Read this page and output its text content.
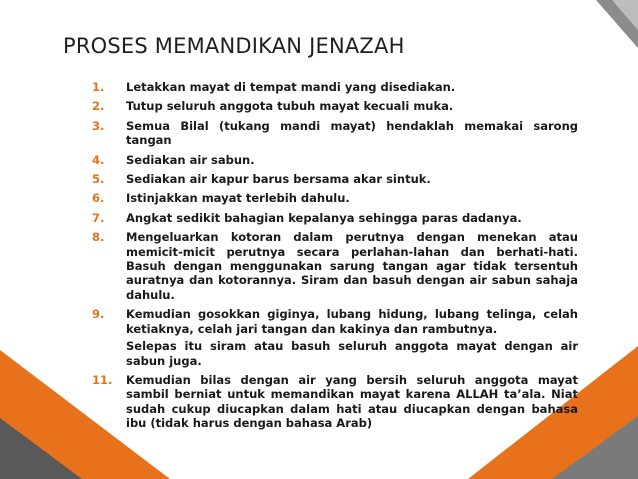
PROSES MEMANDIKAN JENAZAH
1.	Letakkan mayat di tempat mandi yang disediakan.
2.	Tutup seluruh anggota tubuh mayat kecuali muka.
3.	Semua Bilal (tukang mandi mayat) hendaklah memakai sarong tangan
4.	Sediakan air sabun.
5.	Sediakan air kapur barus bersama akar sintuk.
6.	Istinjakkan mayat terlebih dahulu.
7.	Angkat sedikit bahagian kepalanya sehingga paras dadanya.
8.	Mengeluarkan kotoran dalam perutnya dengan menekan atau memicit-micit perutnya secara perlahan-lahan dan berhati-hati. Basuh dengan menggunakan sarung tangan agar tidak tersentuh auratnya dan kotorannya. Siram dan basuh dengan air sabun sahaja dahulu.
9.	Kemudian gosokkan giginya, lubang hidung, lubang telinga, celah ketiaknya, celah jari tangan dan kakinya dan rambutnya.
Selepas itu siram atau basuh seluruh anggota mayat dengan air sabun juga.
11.	Kemudian bilas dengan air yang bersih seluruh anggota mayat sambil berniat untuk memandikan mayat karena ALLAH ta’ala. Niat sudah cukup diucapkan dalam hati atau diucapkan dengan bahasa ibu (tidak harus dengan bahasa Arab)
